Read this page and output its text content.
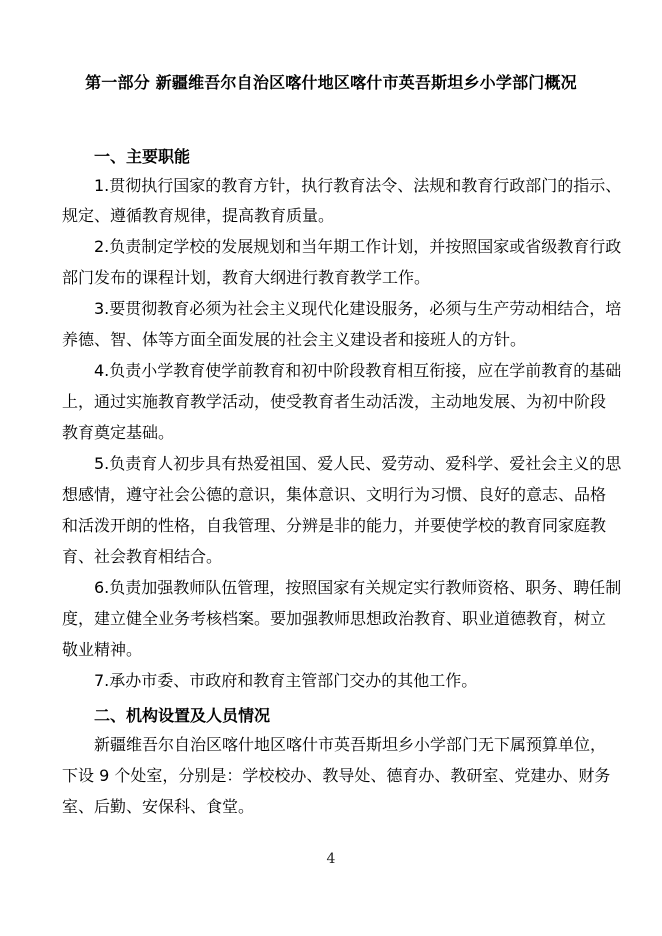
第一部分 新疆维吾尔自治区喀什地区喀什市英吾斯坦乡小学部门概况
一、主要职能
1.贯彻执行国家的教育方针，执行教育法令、法规和教育行政部门的指示、
规定、遵循教育规律，提高教育质量。
2.负责制定学校的发展规划和当年期工作计划，并按照国家或省级教育行政
部门发布的课程计划，教育大纲进行教育教学工作。
3.要贯彻教育必须为社会主义现代化建设服务，必须与生产劳动相结合，培
养德、智、体等方面全面发展的社会主义建设者和接班人的方针。
4.负责小学教育使学前教育和初中阶段教育相互衔接，应在学前教育的基础
上，通过实施教育教学活动，使受教育者生动活泼，主动地发展、为初中阶段
教育奠定基础。
5.负责育人初步具有热爱祖国、爱人民、爱劳动、爱科学、爱社会主义的思
想感情，遵守社会公德的意识，集体意识、文明行为习惯、良好的意志、品格
和活泼开朗的性格，自我管理、分辨是非的能力，并要使学校的教育同家庭教
育、社会教育相结合。
6.负责加强教师队伍管理，按照国家有关规定实行教师资格、职务、聘任制
度，建立健全业务考核档案。要加强教师思想政治教育、职业道德教育，树立
敬业精神。
7.承办市委、市政府和教育主管部门交办的其他工作。
二、机构设置及人员情况
新疆维吾尔自治区喀什地区喀什市英吾斯坦乡小学部门无下属预算单位，
下设 9 个处室，分别是：学校校办、教导处、德育办、教研室、党建办、财务
室、后勤、安保科、食堂。
4
